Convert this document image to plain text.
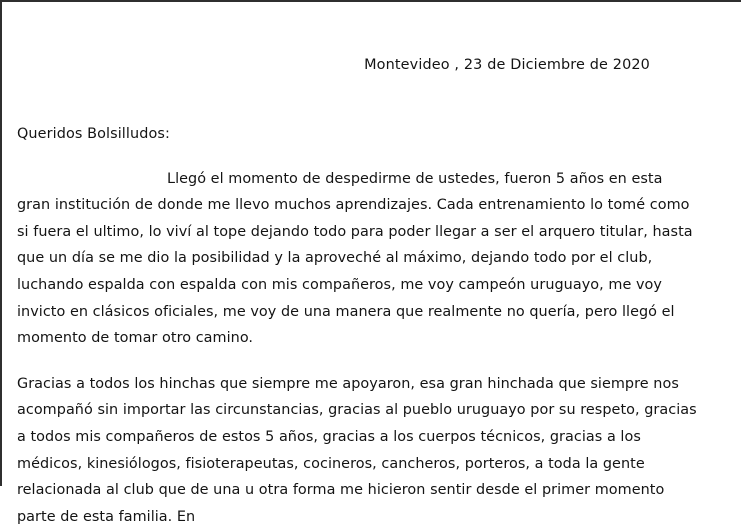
Montevideo , 23 de Diciembre de 2020

Queridos Bolsilludos:

Llegó el momento de despedirme de ustedes, fueron 5 años en esta gran institución de donde me llevo muchos aprendizajes. Cada entrenamiento lo tomé como si fuera el ultimo, lo viví al tope dejando todo para poder llegar a ser el arquero titular, hasta que un día se me dio la posibilidad y la aproveché al máximo, dejando todo por el club, luchando espalda con espalda con mis compañeros, me voy campeón uruguayo, me voy invicto en clásicos oficiales, me voy de una manera que realmente no quería, pero llegó el momento de tomar otro camino.

Gracias a todos los hinchas que siempre me apoyaron, esa gran hinchada que siempre nos acompañó sin importar las circunstancias, gracias al pueblo uruguayo por su respeto, gracias a todos mis compañeros de estos 5 años, gracias a los cuerpos técnicos, gracias a los médicos, kinesiólogos, fisioterapeutas, cocineros, cancheros, porteros, a toda la gente relacionada al club que de una u otra forma me hicieron sentir desde el primer momento parte de esta familia. En
